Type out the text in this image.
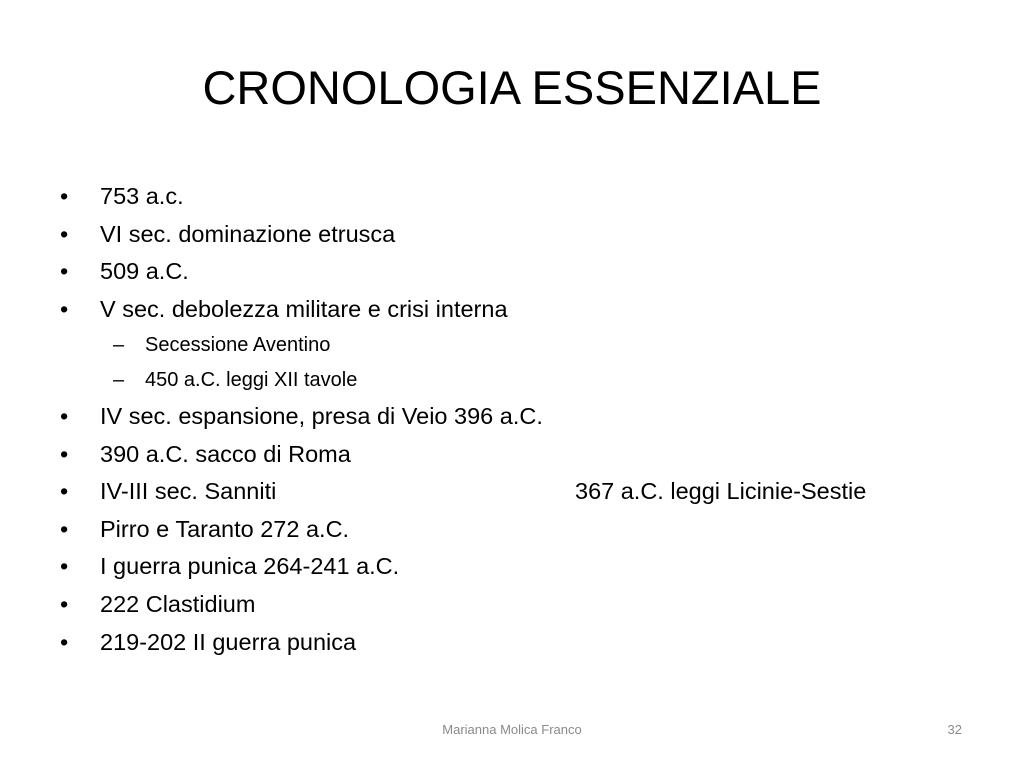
CRONOLOGIA ESSENZIALE
•	753 a.c.
•	VI sec. dominazione etrusca
•	509 a.C.
•	V sec. debolezza militare e crisi interna
–	Secessione Aventino
–	450 a.C. leggi XII tavole
•	IV sec. espansione, presa di Veio 396 a.C.
•	390 a.C. sacco di Roma
•	IV-III sec. Sanniti	367 a.C. leggi Licinie-Sestie
•	Pirro e Taranto 272 a.C.
•	I guerra punica 264-241 a.C.
•	222 Clastidium
•	219-202 II guerra punica
Marianna Molica Franco	32
